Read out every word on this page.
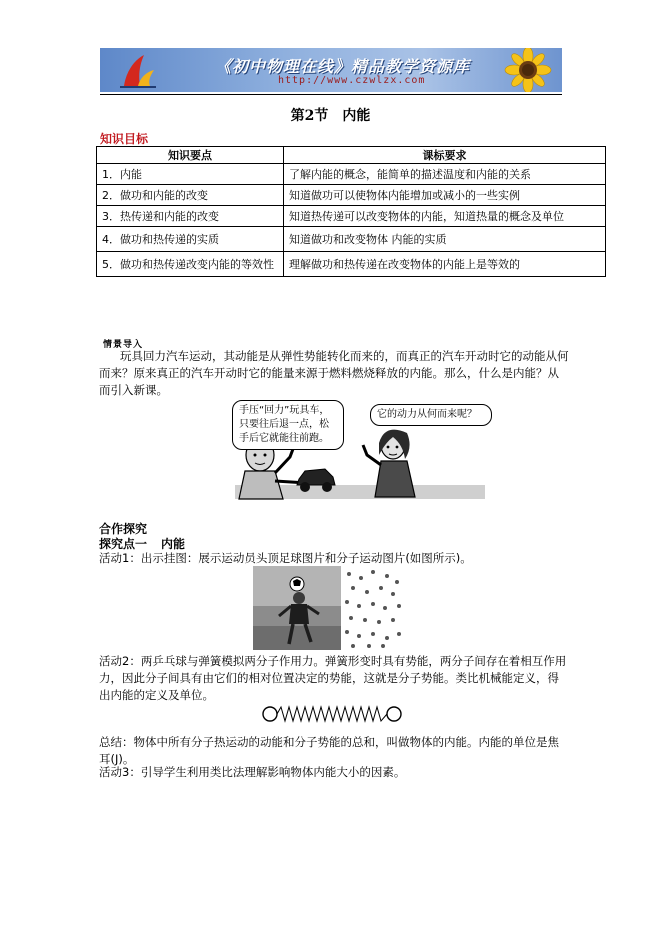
《初中物理在线》精品教学资源库
http://www.czwlzx.com
第2节　内能
知识目标
知识要点	课标要求
1．内能	了解内能的概念，能简单的描述温度和内能的关系
2．做功和内能的改变	知道做功可以使物体内能增加或减小的一些实例
3．热传递和内能的改变	知道热传递可以改变物体的内能，知道热量的概念及单位
4．做功和热传递的实质	知道做功和改变物体 内能的实质
5．做功和热传递改变内能的等效性	理解做功和热传递在改变物体的内能上是等效的
情景导入
玩具回力汽车运动，其动能是从弹性势能转化而来的，而真正的汽车开动时它的动能从何而来？原来真正的汽车开动时它的能量来源于燃料燃烧释放的内能。那么，什么是内能？从而引入新课。
手压“回力”玩具车，只要往后退一点，松手后它就能往前跑。
它的动力从何而来呢？
合作探究
探究点一 内能
活动1：出示挂图：展示运动员头顶足球图片和分子运动图片(如图所示)。
活动2：两乒乓球与弹簧模拟两分子作用力。弹簧形变时具有势能，两分子间存在着相互作用力，因此分子间具有由它们的相对位置决定的势能，这就是分子势能。类比机械能定义，得出内能的定义及单位。
总结：物体中所有分子热运动的动能和分子势能的总和，叫做物体的内能。内能的单位是焦耳(J)。
活动3：引导学生利用类比法理解影响物体内能大小的因素。
